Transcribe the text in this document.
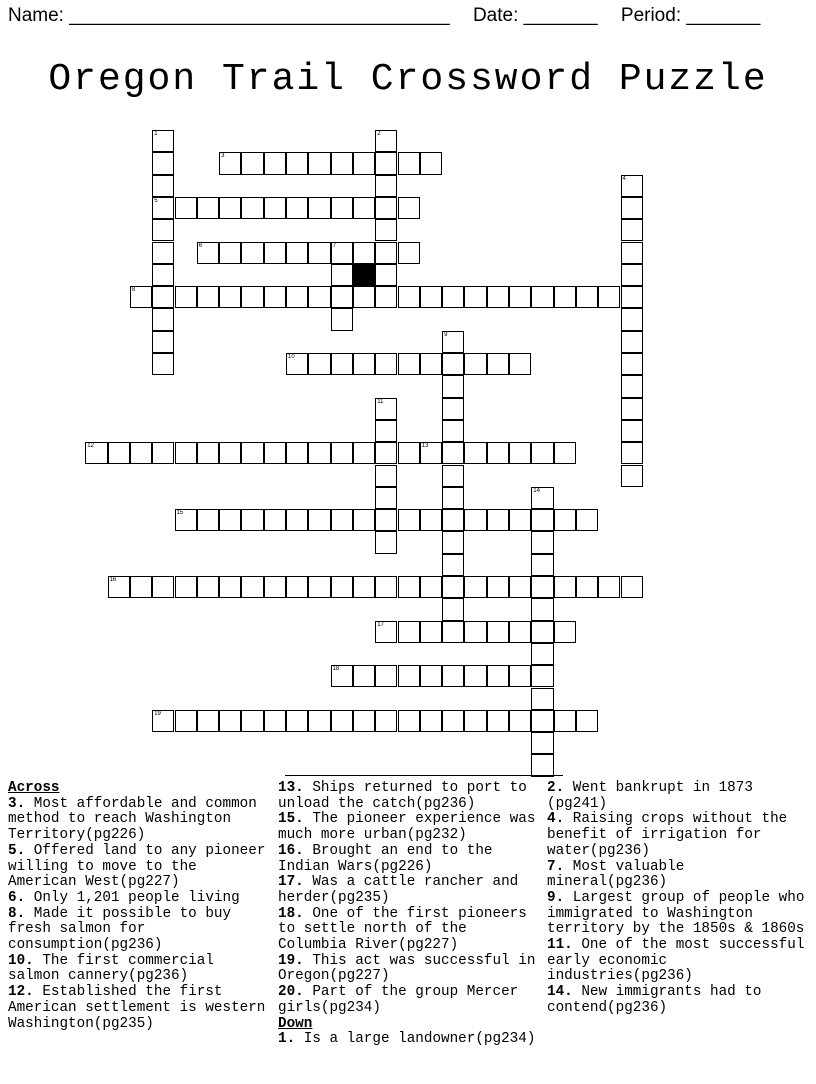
Name: ____________________________________ Date: _______ Period: _______
Oregon Trail Crossword Puzzle
1
5
2
3
4
6	7
8
9
10
11
12	13
14
15
16
17
18
19
Across
3. Most affordable and common method to reach Washington Territory(pg226)
5. Offered land to any pioneer willing to move to the American West(pg227)
6. Only 1,201 people living
8. Made it possible to buy fresh salmon for consumption(pg236)
10. The first commercial salmon cannery(pg236)
12. Established the first American settlement is western Washington(pg235)
13. Ships returned to port to unload the catch(pg236)
15. The pioneer experience was much more urban(pg232)
16. Brought an end to the Indian Wars(pg226)
17. Was a cattle rancher and herder(pg235)
18. One of the first pioneers to settle north of the Columbia River(pg227)
19. This act was successful in Oregon(pg227)
20. Part of the group Mercer girls(pg234)
Down
1. Is a large landowner(pg234)
2. Went bankrupt in 1873 (pg241)
4. Raising crops without the benefit of irrigation for water(pg236)
7. Most valuable mineral(pg236)
9. Largest group of people who immigrated to Washington territory by the 1850s & 1860s
11. One of the most successful early economic industries(pg236)
14. New immigrants had to contend(pg236)
